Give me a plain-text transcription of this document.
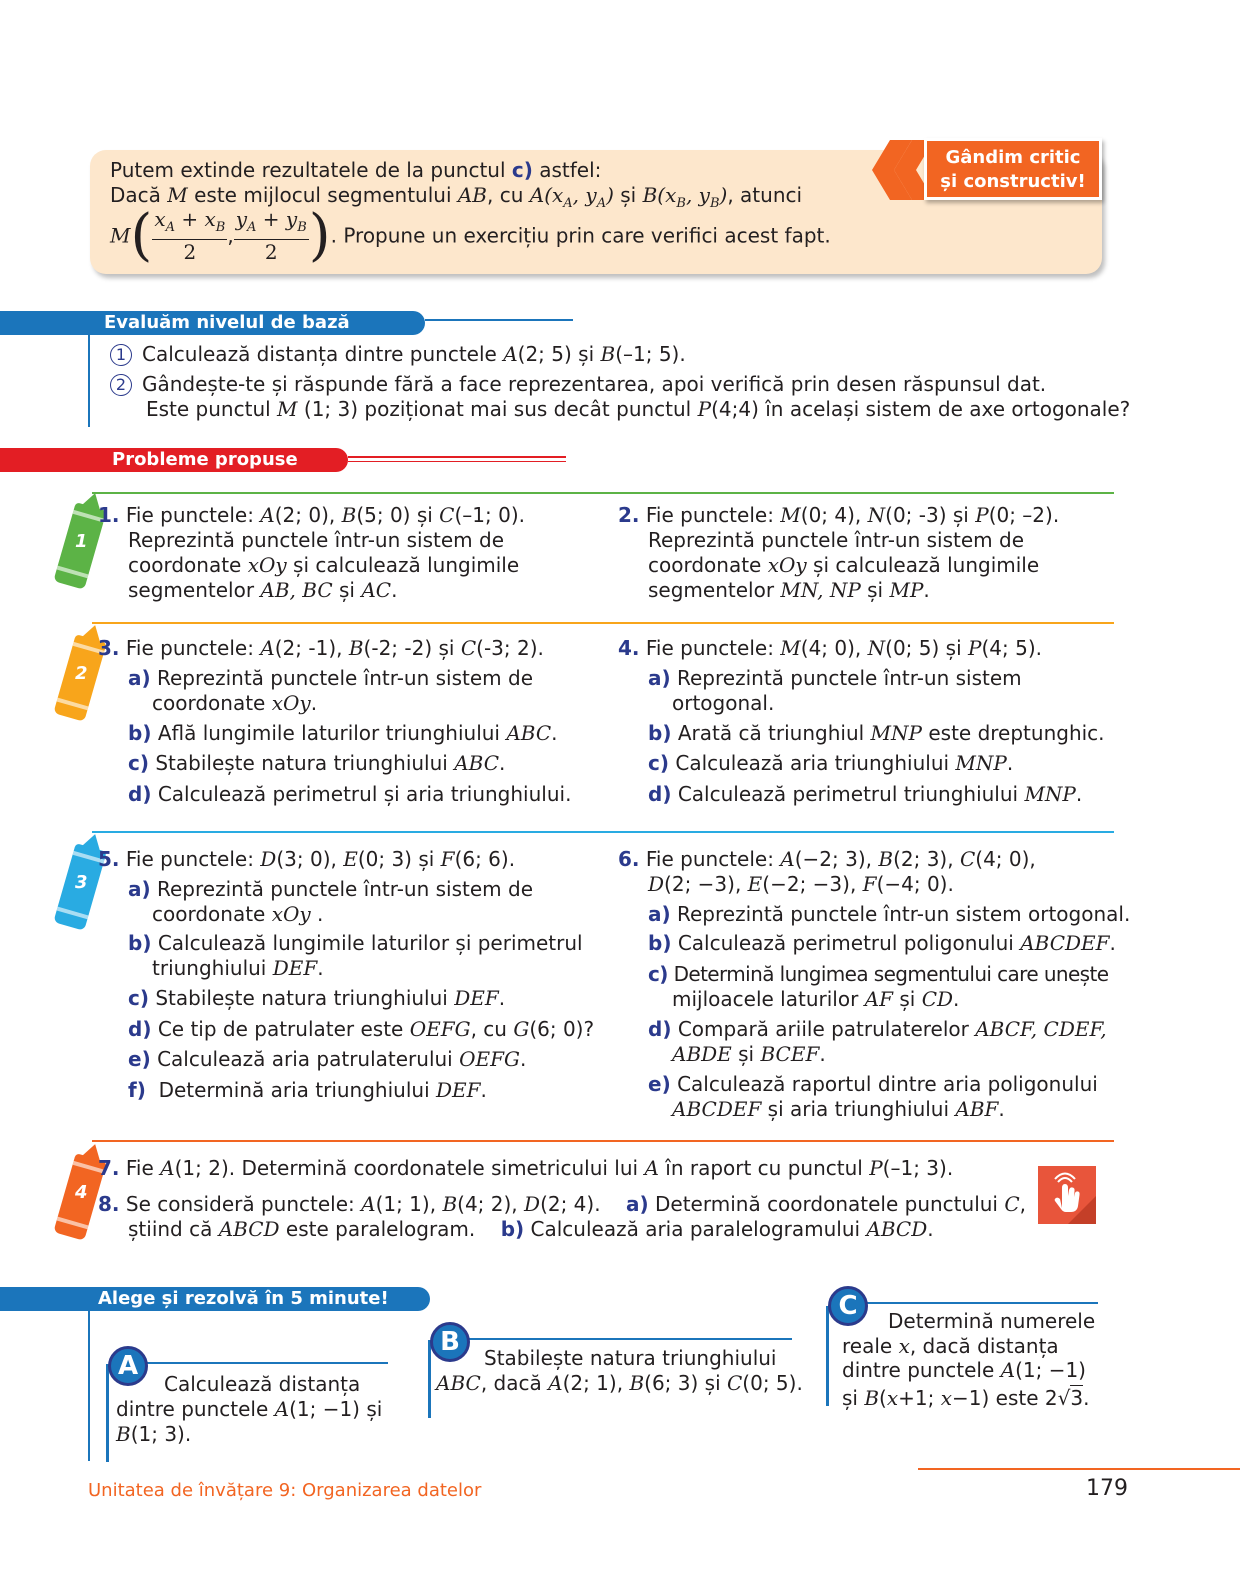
Putem extinde rezultatele de la punctul c) astfel:
Dacă M este mijlocul segmentului AB, cu $A(x_A$, $y_A$) și $B(x_B$, $y_B$), atunci
$M( \frac{x_A + x_B}{2}$ , $\frac{y_A + y_B}{2}$ ). Propune un exercițiu prin care verifici acest fapt.
Gândim critic
și constructiv!
Evaluăm nivelul de bază
1 Calculează distanța dintre punctele A(2; 5) și B(–1; 5).
2 Gândește-te și răspunde fără a face reprezentarea, apoi verifică prin desen răspunsul dat.
Este punctul M (1; 3) poziționat mai sus decât punctul P(4;4) în același sistem de axe ortogonale?
Probleme propuse
1
1. Fie punctele: A(2; 0), B(5; 0) și C(–1; 0).
Reprezintă punctele într-un sistem de
coordonate xOy și calculează lungimile
segmentelor AB, BC și AC.
2. Fie punctele: M(0; 4), N(0; -3) și P(0; –2).
Reprezintă punctele într-un sistem de
coordonate xOy și calculează lungimile
segmentelor MN, NP și MP.
2
3. Fie punctele: A(2; -1), B(-2; -2) și C(-3; 2).
a) Reprezintă punctele într-un sistem de
coordonate xOy.
b) Află lungimile laturilor triunghiului ABC.
c) Stabilește natura triunghiului ABC.
d) Calculează perimetrul și aria triunghiului.
4. Fie punctele: M(4; 0), N(0; 5) și P(4; 5).
a) Reprezintă punctele într-un sistem
ortogonal.
b) Arată că triunghiul MNP este dreptunghic.
c) Calculează aria triunghiului MNP.
d) Calculează perimetrul triunghiului MNP.
3
5. Fie punctele: D(3; 0), E(0; 3) și F(6; 6).
a) Reprezintă punctele într-un sistem de
coordonate xOy .
b) Calculează lungimile laturilor și perimetrul
triunghiului DEF.
c) Stabilește natura triunghiului DEF.
d) Ce tip de patrulater este OEFG, cu G(6; 0)?
e) Calculează aria patrulaterului OEFG.
f) Determină aria triunghiului DEF.
6. Fie punctele: A(−2; 3), B(2; 3), C(4; 0),
D(2; −3), E(−2; −3), F(−4; 0).
a) Reprezintă punctele într-un sistem ortogonal.
b) Calculează perimetrul poligonului ABCDEF.
c) Determină lungimea segmentului care unește
mijloacele laturilor AF și CD.
d) Compară ariile patrulaterelor ABCF, CDEF,
ABDE și BCEF.
e) Calculează raportul dintre aria poligonului
ABCDEF și aria triunghiului ABF.
4
7. Fie A(1; 2). Determină coordonatele simetricului lui A în raport cu punctul P(–1; 3).
8. Se consideră punctele: A(1; 1), B(4; 2), D(2; 4). a) Determină coordonatele punctului C,
știind că ABCD este paralelogram. b) Calculează aria paralelogramului ABCD.
Alege și rezolvă în 5 minute!
A
Calculează distanța
dintre punctele A(1; −1) și
B(1; 3).
B
Stabilește natura triunghiului
ABC, dacă A(2; 1), B(6; 3) și C(0; 5).
C	Determină numerele
reale x, dacă distanța
dintre punctele A(1; −1)
și B(x+1; x−1) este 2√3.
Unitatea de învățare 9: Organizarea datelor	179
